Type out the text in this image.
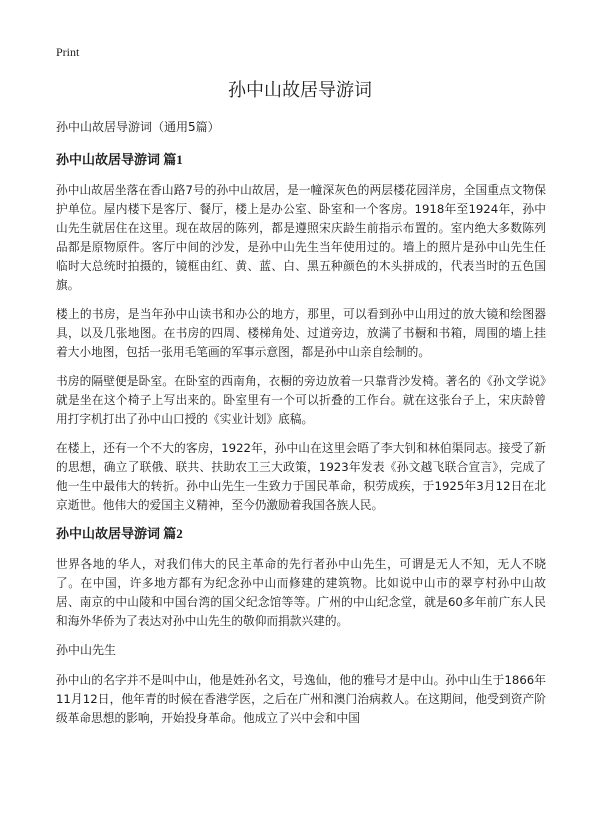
Print
孙中山故居导游词

孙中山故居导游词（通用5篇）

孙中山故居导游词 篇1

孙中山故居坐落在香山路7号的孙中山故居，是一幢深灰色的两层楼花园洋房，全国重点文物保护单位。屋内楼下是客厅、餐厅，楼上是办公室、卧室和一个客房。1918年至1924年，孙中山先生就居住在这里。现在故居的陈列，都是遵照宋庆龄生前指示布置的。室内绝大多数陈列品都是原物原件。客厅中间的沙发，是孙中山先生当年使用过的。墙上的照片是孙中山先生任临时大总统时拍摄的，镜框由红、黄、蓝、白、黑五种颜色的木头拼成的，代表当时的五色国旗。

楼上的书房，是当年孙中山读书和办公的地方，那里，可以看到孙中山用过的放大镜和绘图器具，以及几张地图。在书房的四周、楼梯角处、过道旁边，放满了书橱和书箱，周围的墙上挂着大小地图，包括一张用毛笔画的军事示意图，都是孙中山亲自绘制的。

书房的隔壁便是卧室。在卧室的西南角，衣橱的旁边放着一只靠背沙发椅。著名的《孙文学说》就是坐在这个椅子上写出来的。卧室里有一个可以折叠的工作台。就在这张台子上，宋庆龄曾用打字机打出了孙中山口授的《实业计划》底稿。

在楼上，还有一个不大的客房，1922年，孙中山在这里会晤了李大钊和林伯渠同志。接受了新的思想，确立了联俄、联共、扶助农工三大政策，1923年发表《孙文越飞联合宣言》，完成了他一生中最伟大的转折。孙中山先生一生致力于国民革命，积劳成疾，于1925年3月12日在北京逝世。他伟大的爱国主义精神，至今仍激励着我国各族人民。

孙中山故居导游词 篇2

世界各地的华人，对我们伟大的民主革命的先行者孙中山先生，可谓是无人不知，无人不晓了。在中国，许多地方都有为纪念孙中山而修建的建筑物。比如说中山市的翠亨村孙中山故居、南京的中山陵和中国台湾的国父纪念馆等等。广州的中山纪念堂，就是60多年前广东人民和海外华侨为了表达对孙中山先生的敬仰而捐款兴建的。

孙中山先生

孙中山的名字并不是叫中山，他是姓孙名文，号逸仙，他的雅号才是中山。孙中山生于1866年11月12日，他年青的时候在香港学医，之后在广州和澳门治病救人。在这期间，他受到资产阶级革命思想的影响，开始投身革命。他成立了兴中会和中国
